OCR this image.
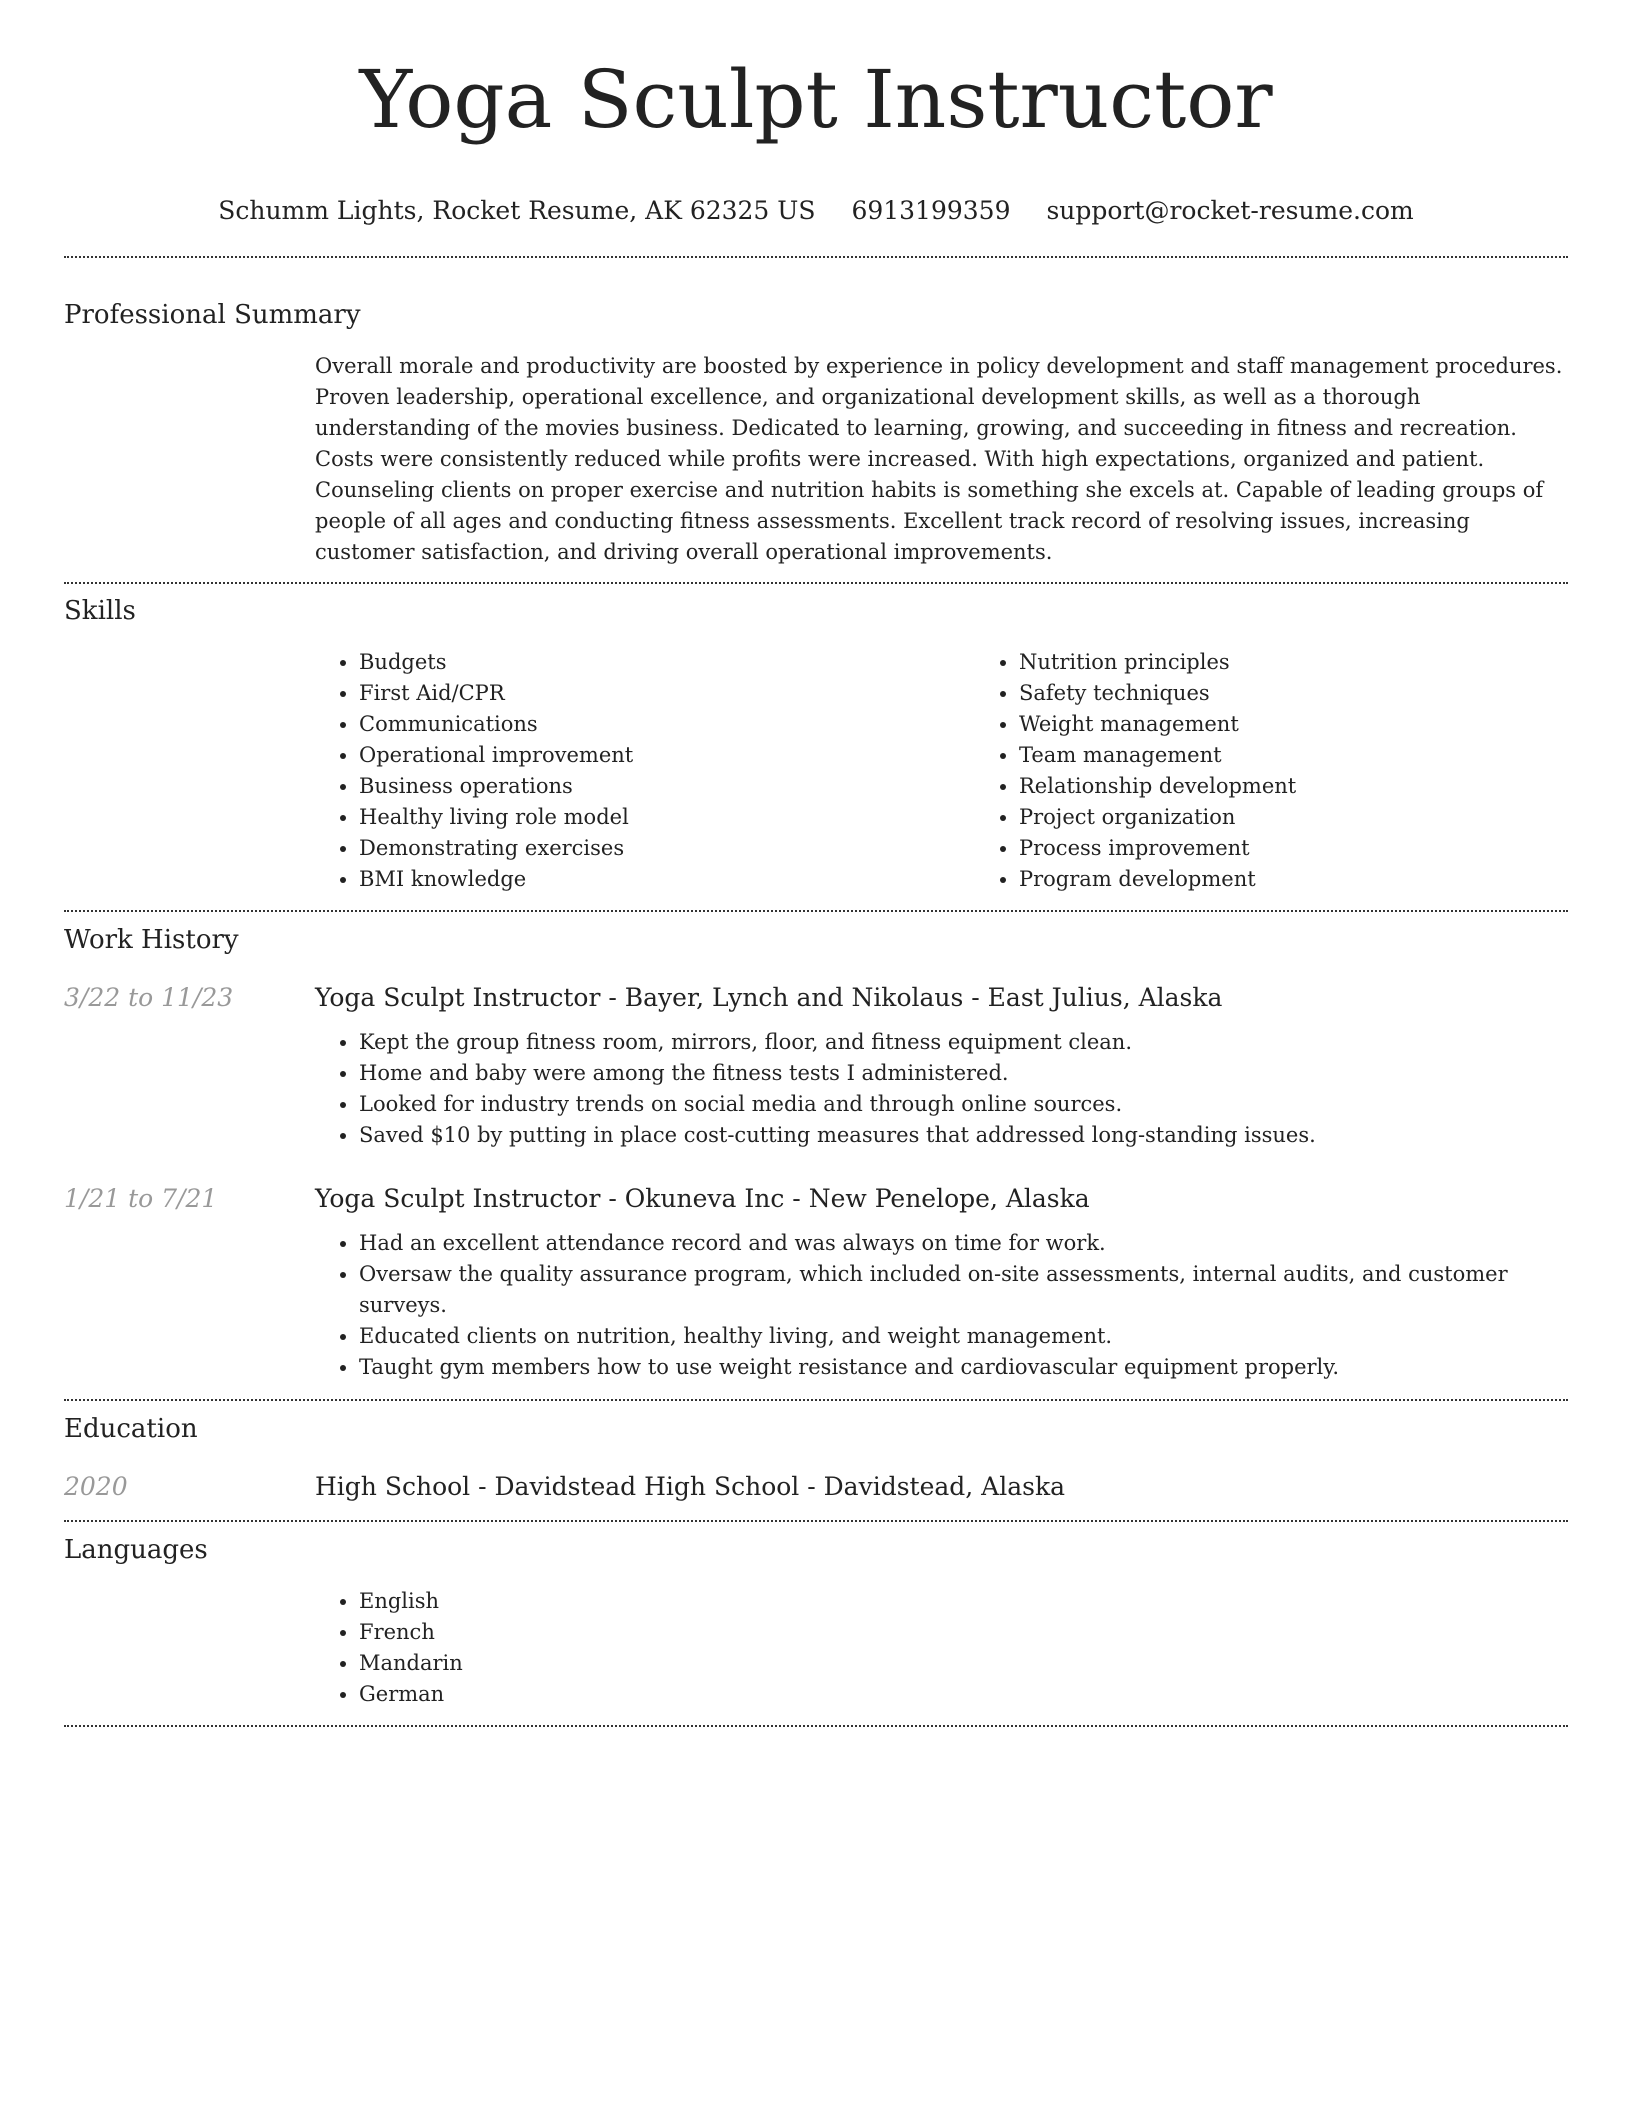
Yoga Sculpt Instructor
Schumm Lights, Rocket Resume, AK 62325 US 6913199359 support@rocket-resume.com
Professional Summary

Overall morale and productivity are boosted by experience in policy development and staff management procedures. Proven leadership, operational excellence, and organizational development skills, as well as a thorough understanding of the movies business. Dedicated to learning, growing, and succeeding in fitness and recreation. Costs were consistently reduced while profits were increased. With high expectations, organized and patient. Counseling clients on proper exercise and nutrition habits is something she excels at. Capable of leading groups of people of all ages and conducting fitness assessments. Excellent track record of resolving issues, increasing customer satisfaction, and driving overall operational improvements.

Skills
• Budgets
• First Aid/CPR
• Communications
• Operational improvement
• Business operations
• Healthy living role model
• Demonstrating exercises
• BMI knowledge
• Nutrition principles
• Safety techniques
• Weight management
• Team management
• Relationship development
• Project organization
• Process improvement
• Program development
Work History
3/22 to 11/23	Yoga Sculpt Instructor - Bayer, Lynch and Nikolaus - East Julius, Alaska
• Kept the group fitness room, mirrors, floor, and fitness equipment clean.
• Home and baby were among the fitness tests I administered.
• Looked for industry trends on social media and through online sources.
• Saved $10 by putting in place cost-cutting measures that addressed long-standing issues.
1/21 to 7/21	Yoga Sculpt Instructor - Okuneva Inc - New Penelope, Alaska
• Had an excellent attendance record and was always on time for work.
• Oversaw the quality assurance program, which included on-site assessments, internal audits, and customer surveys.
• Educated clients on nutrition, healthy living, and weight management.
• Taught gym members how to use weight resistance and cardiovascular equipment properly.
Education
2020	High School - Davidstead High School - Davidstead, Alaska
Languages
• English
• French
• Mandarin
• German
